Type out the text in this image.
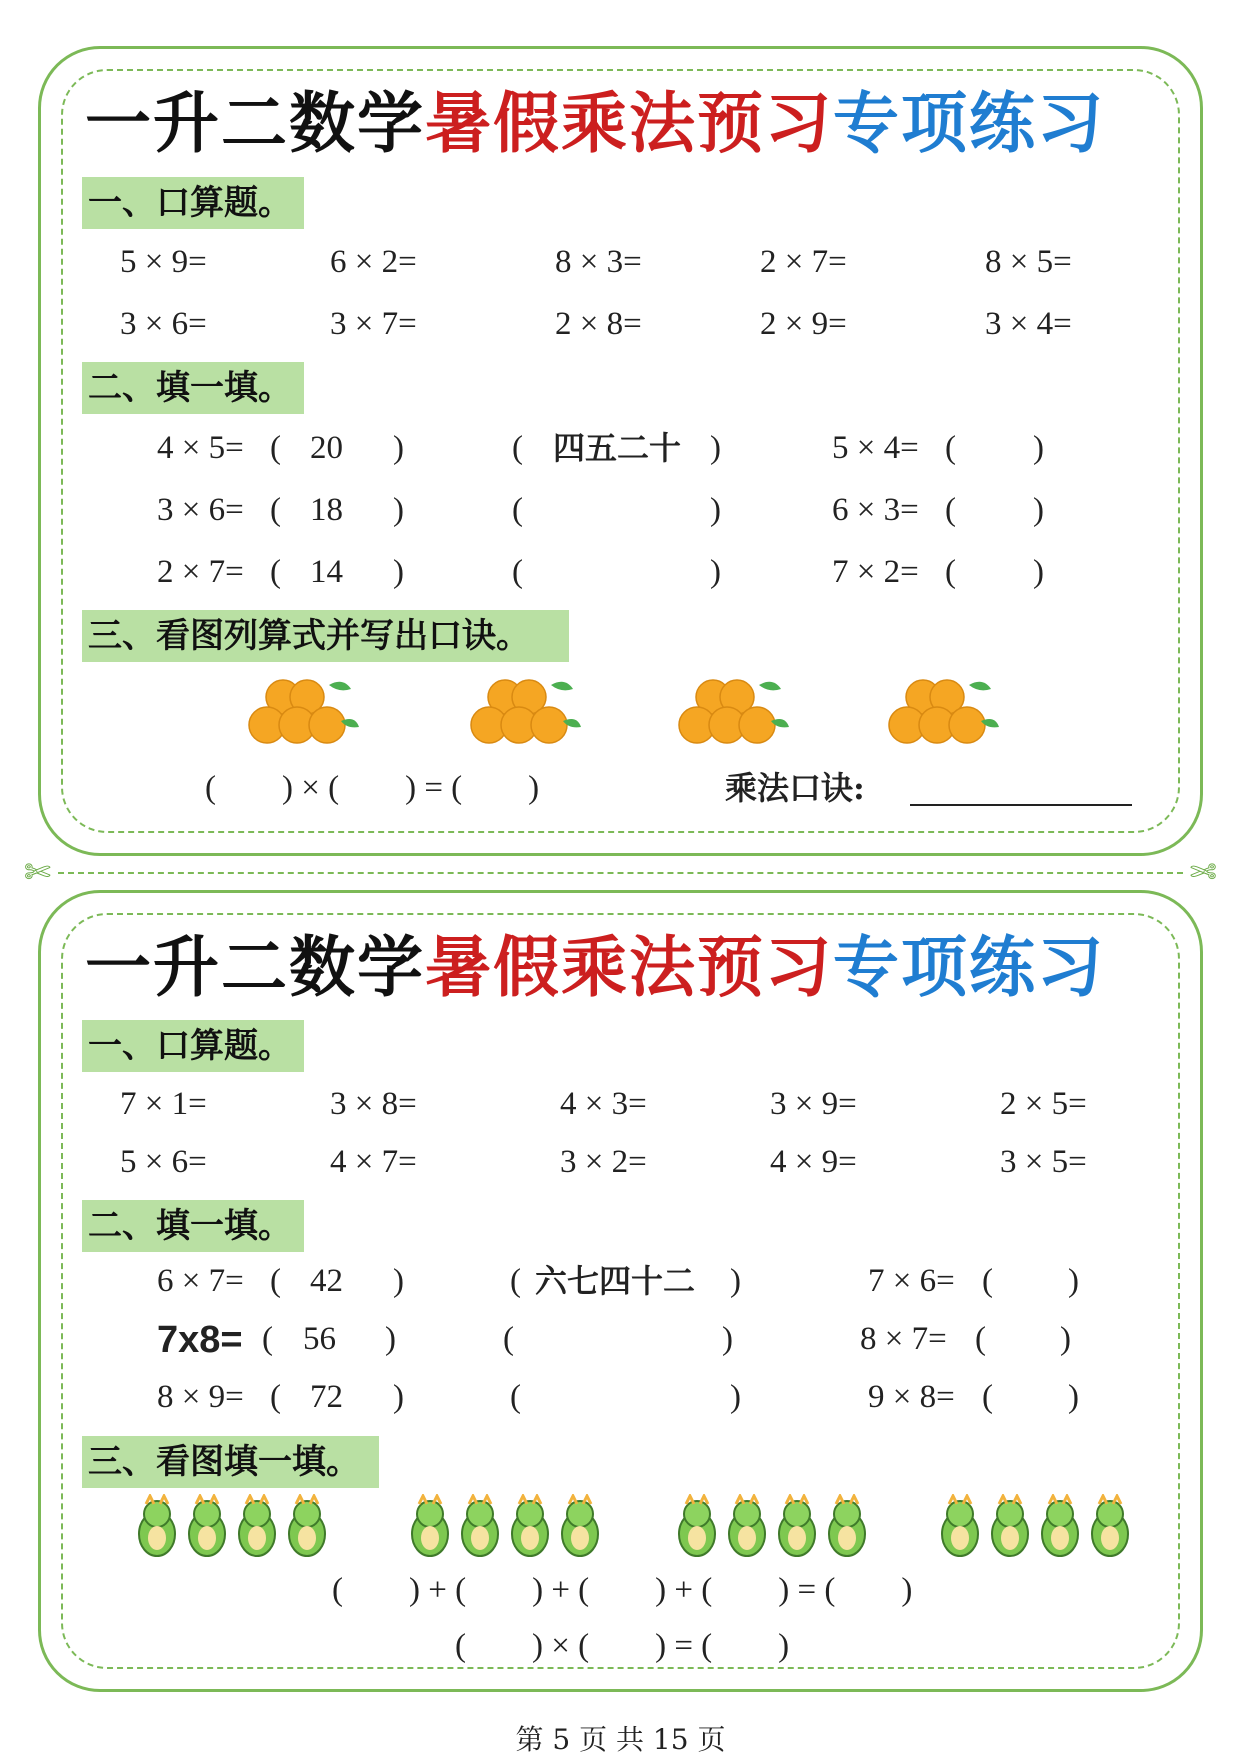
一升二数学暑假乘法预习专项练习
一、口算题。
5 × 9=	6 × 2=	8 × 3=	2 × 7=	8 × 5=
3 × 6=	3 × 7=	2 × 8=	2 × 9=	3 × 4=
二、填一填。
4 × 5= ( 20 )	( 四五二十 )	5 × 4= ( )
3 × 6= ( 18 )	(	)	6 × 3= ( )
2 × 7= ( 14 )	(	)	7 × 2= ( )
三、看图列算式并写出口诀。
(　　) × (　　) = (　　)	乘法口诀:
✄	✄
一升二数学暑假乘法预习专项练习
一、口算题。
7 × 1=	3 × 8=	4 × 3=	3 × 9=	2 × 5=
5 × 6=	4 × 7=	3 × 2=	4 × 9=	3 × 5=
二、填一填。
6 × 7= ( 42 )	( 六七四十二 )	7 × 6= ( )
7x8= ( 56 )	(	)	8 × 7= ( )
8 × 9= ( 72 )	(	)	9 × 8= ( )
三、看图填一填。
(　　) + (　　) + (　　) + (　　) = (　　)
(　　) × (　　) = (　　)
第 5 页 共 15 页
